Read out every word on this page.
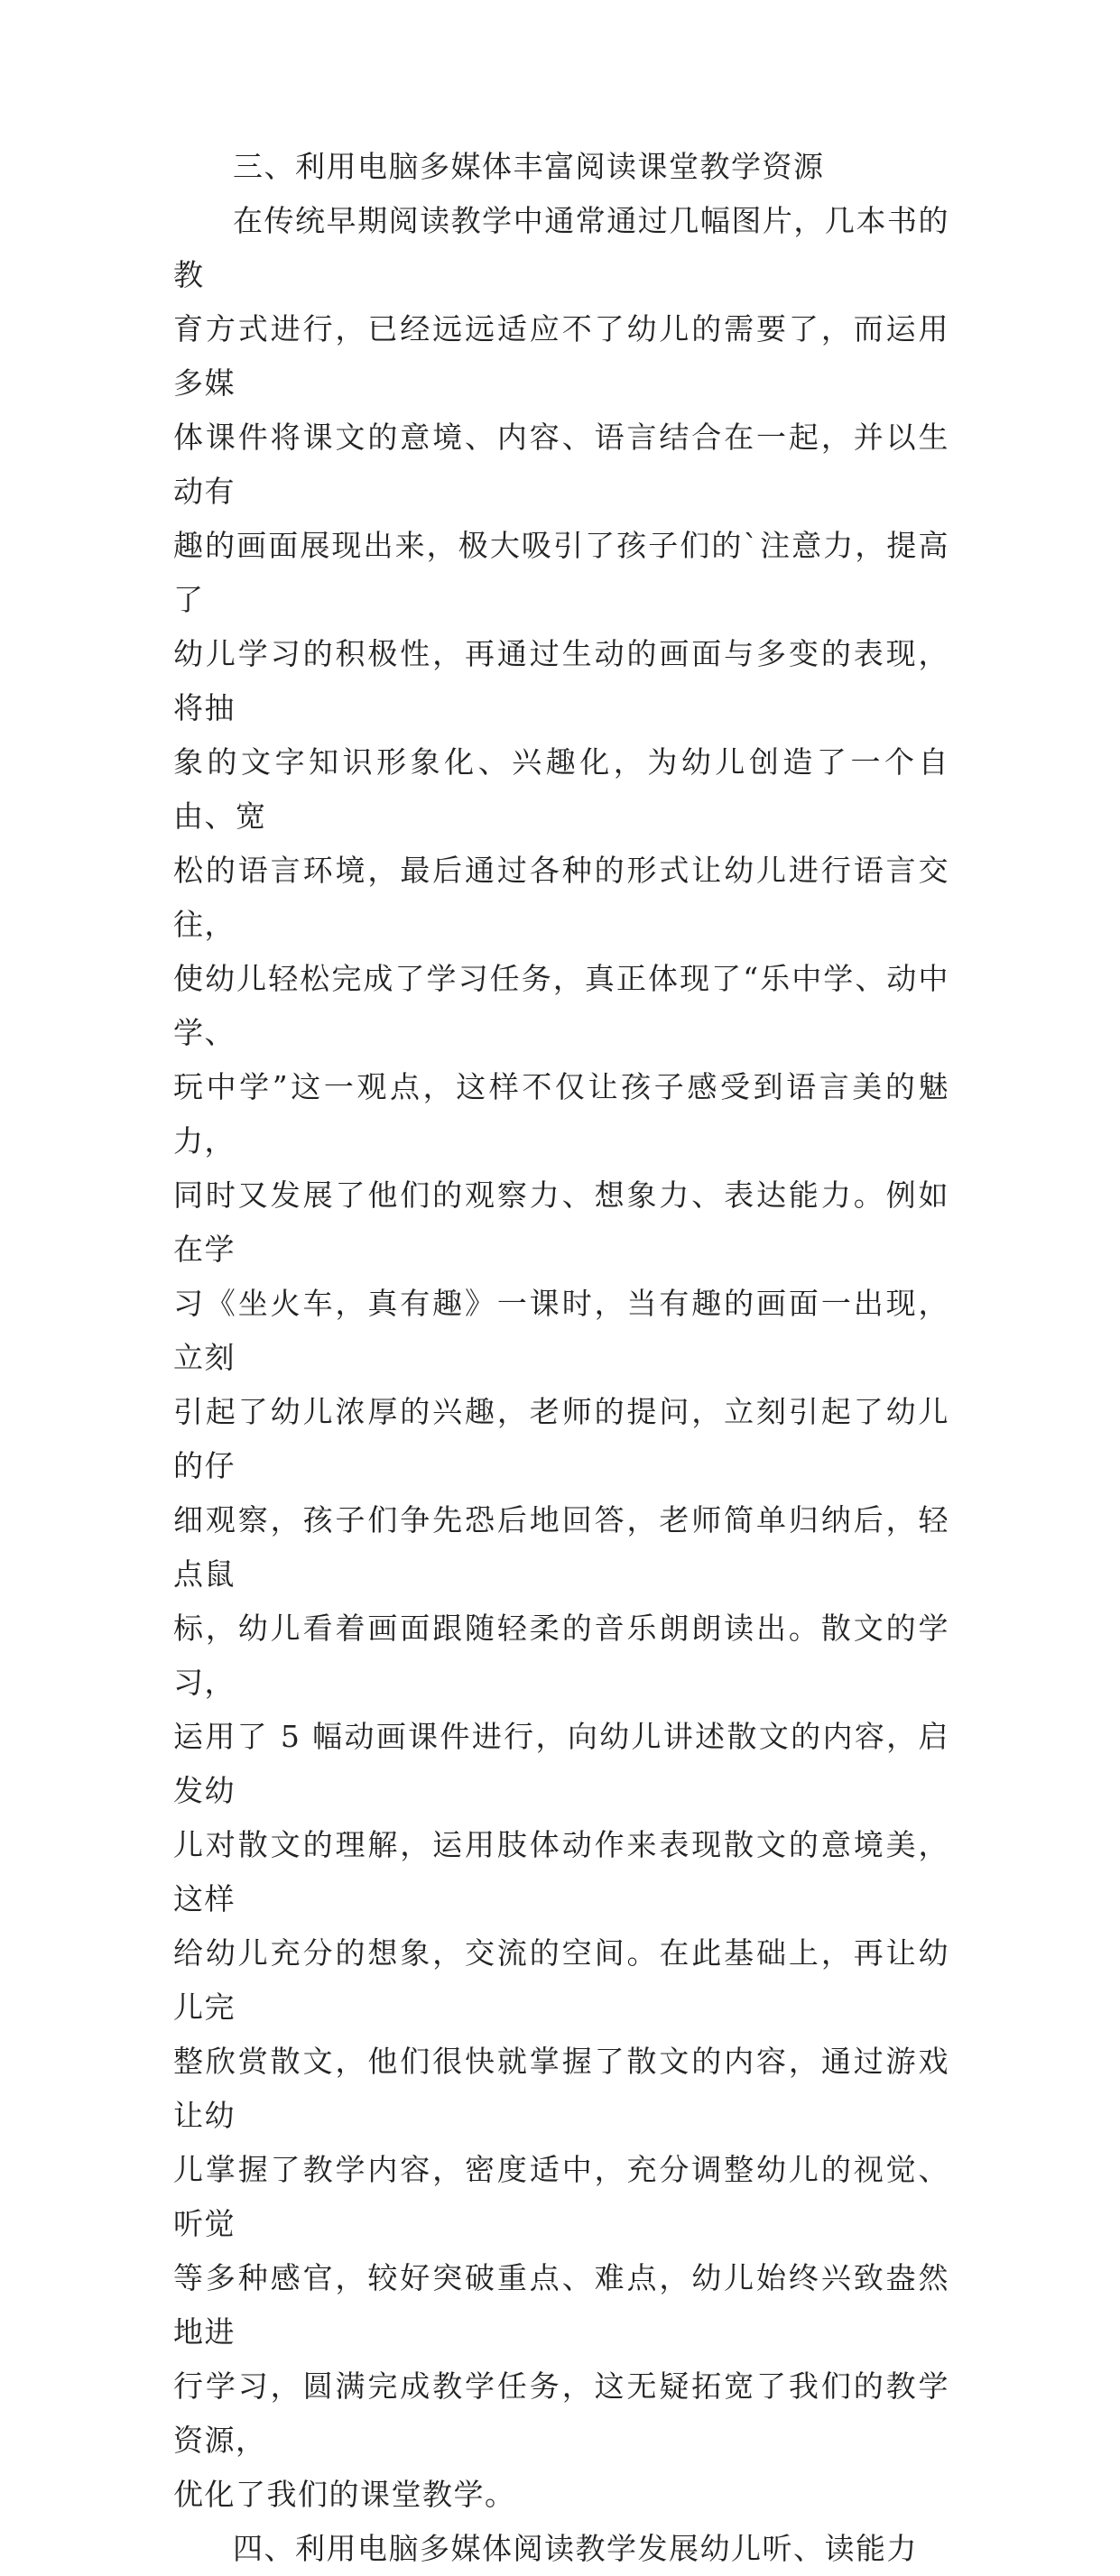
三、利用电脑多媒体丰富阅读课堂教学资源

在传统早期阅读教学中通常通过几幅图片，几本书的教
育方式进行，已经远远适应不了幼儿的需要了，而运用多媒
体课件将课文的意境、内容、语言结合在一起，并以生动有
趣的画面展现出来，极大吸引了孩子们的`注意力，提高了
幼儿学习的积极性，再通过生动的画面与多变的表现，将抽
象的文字知识形象化、兴趣化，为幼儿创造了一个自由、宽
松的语言环境，最后通过各种的形式让幼儿进行语言交往，
使幼儿轻松完成了学习任务，真正体现了“乐中学、动中学、
玩中学”这一观点，这样不仅让孩子感受到语言美的魅力，
同时又发展了他们的观察力、想象力、表达能力。例如在学
习《坐火车，真有趣》一课时，当有趣的画面一出现，立刻
引起了幼儿浓厚的兴趣，老师的提问，立刻引起了幼儿的仔
细观察，孩子们争先恐后地回答，老师简单归纳后，轻点鼠
标，幼儿看着画面跟随轻柔的音乐朗朗读出。散文的学习，
运用了 5 幅动画课件进行，向幼儿讲述散文的内容，启发幼
儿对散文的理解，运用肢体动作来表现散文的意境美，这样
给幼儿充分的想象，交流的空间。在此基础上，再让幼儿完
整欣赏散文，他们很快就掌握了散文的内容，通过游戏让幼
儿掌握了教学内容，密度适中，充分调整幼儿的视觉、听觉
等多种感官，较好突破重点、难点，幼儿始终兴致盎然地进
行学习，圆满完成教学任务，这无疑拓宽了我们的教学资源，
优化了我们的课堂教学。

四、利用电脑多媒体阅读教学发展幼儿听、读能力
